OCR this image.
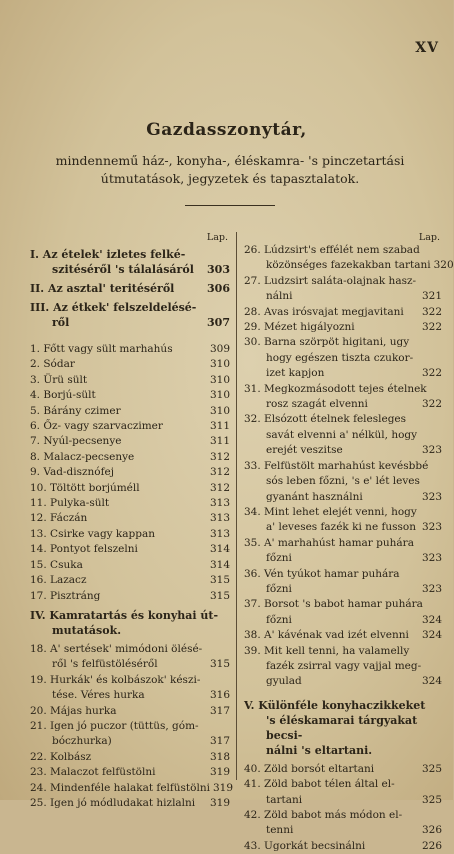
XV
Gazdasszonytár,
mindennemű ház-, konyha-, éléskamra- 's pinczetartási útmutatások, jegyzetek és tapasztalatok.
Lap.
I. Az ételek' izletes felké-
szitéséről 's tálalásáról	303
II. Az asztal' teritéséről	306
III. Az étkek' felszeldelésé-
ről	307
1. Főtt vagy sült marhahús	309
2. Sódar	310
3. Ürü sült	310
4. Borjú-sült	310
5. Bárány czimer	310
6. Őz- vagy szarvaczimer	311
7. Nyúl-pecsenye	311
8. Malacz-pecsenye	312
9. Vad-disznófej	312
10. Töltött borjúméll	312
11. Pulyka-sült	313
12. Fáczán	313
13. Csirke vagy kappan	313
14. Pontyot felszelni	314
15. Csuka	314
16. Lazacz	315
17. Pisztráng	315
IV. Kamratartás és konyhai út-
mutatások.
18. A' sertések' mimódoni ölésé-
ről 's felfüstöléséről	315
19. Hurkák' és kolbászok' készi-
tése. Véres hurka	316
20. Májas hurka	317
21. Igen jó puczor (tüttüs, góm-
bóczhurka)	317
22. Kolbász	318
23. Malaczot felfüstölni	319
24. Mindenféle halakat felfüstölni 319
25. Igen jó módludakat hizlalni	319
Lap.
26. Lúdzsirt's effélét nem szabad
közönséges fazekakban tartani 320
27. Ludzsirt saláta-olajnak hasz-
nálni	321
28. Avas irósvajat megjavitani	322
29. Mézet higályozni	322
30. Barna szörpöt higitani, ugy
hogy egészen tiszta czukor-
izet kapjon	322
31. Megkozmásodott tejes ételnek
rosz szagát elvenni	322
32. Elsózott ételnek felesleges
savát elvenni a' nélkül, hogy
erejét veszitse	323
33. Felfüstölt marhahúst kevésbbé
sós leben főzni, 's e' lét leves
gyanánt használni	323
34. Mint lehet elejét venni, hogy
a' leveses fazék ki ne fusson 323
35. A' marhahúst hamar puhára
főzni	323
36. Vén tyúkot hamar puhára
főzni	323
37. Borsot 's babot hamar puhára
főzni	324
38. A' kávénak vad izét elvenni	324
39. Mit kell tenni, ha valamelly
fazék zsirral vagy vajjal meg-
gyulad	324
V. Különféle konyhaczikkeket
's éléskamarai tárgyakat becsi-
nálni 's eltartani.
40. Zöld borsót eltartani	325
41. Zöld babot télen által el-
tartani	325
42. Zöld babot más módon el-
tenni	326
43. Ugorkát becsinálni	226
